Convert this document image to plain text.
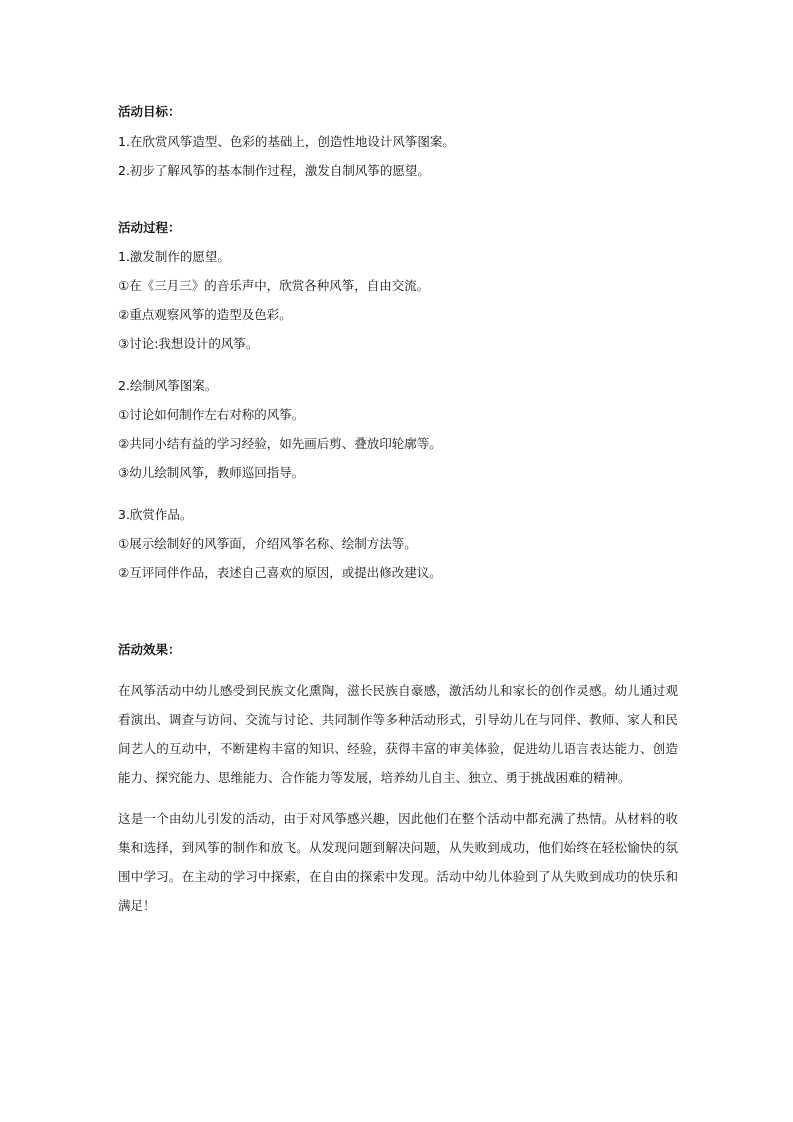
活动目标：
1.在欣赏风筝造型、色彩的基础上，创造性地设计风筝图案。
2.初步了解风筝的基本制作过程，激发自制风筝的愿望。
活动过程：
1.激发制作的愿望。
①在《三月三》的音乐声中，欣赏各种风筝，自由交流。
②重点观察风筝的造型及色彩。
③讨论:我想设计的风筝。
2.绘制风筝图案。
①讨论如何制作左右对称的风筝。
②共同小结有益的学习经验，如先画后剪、叠放印轮廓等。
③幼儿绘制风筝，教师巡回指导。
3.欣赏作品。
①展示绘制好的风筝面，介绍风筝名称、绘制方法等。
②互评同伴作品，表述自己喜欢的原因，或提出修改建议。
活动效果：

在风筝活动中幼儿感受到民族文化熏陶，滋长民族自豪感，激活幼儿和家长的创作灵感。幼儿通过观看演出、调查与访问、交流与讨论、共同制作等多种活动形式，引导幼儿在与同伴、教师、家人和民间艺人的互动中，不断建构丰富的知识、经验，获得丰富的审美体验，促进幼儿语言表达能力、创造能力、探究能力、思维能力、合作能力等发展，培养幼儿自主、独立、勇于挑战困难的精神。

这是一个由幼儿引发的活动，由于对风筝感兴趣，因此他们在整个活动中都充满了热情。从材料的收集和选择，到风筝的制作和放飞。从发现问题到解决问题，从失败到成功，他们始终在轻松愉快的氛围中学习。在主动的学习中探索，在自由的探索中发现。活动中幼儿体验到了从失败到成功的快乐和满足！
